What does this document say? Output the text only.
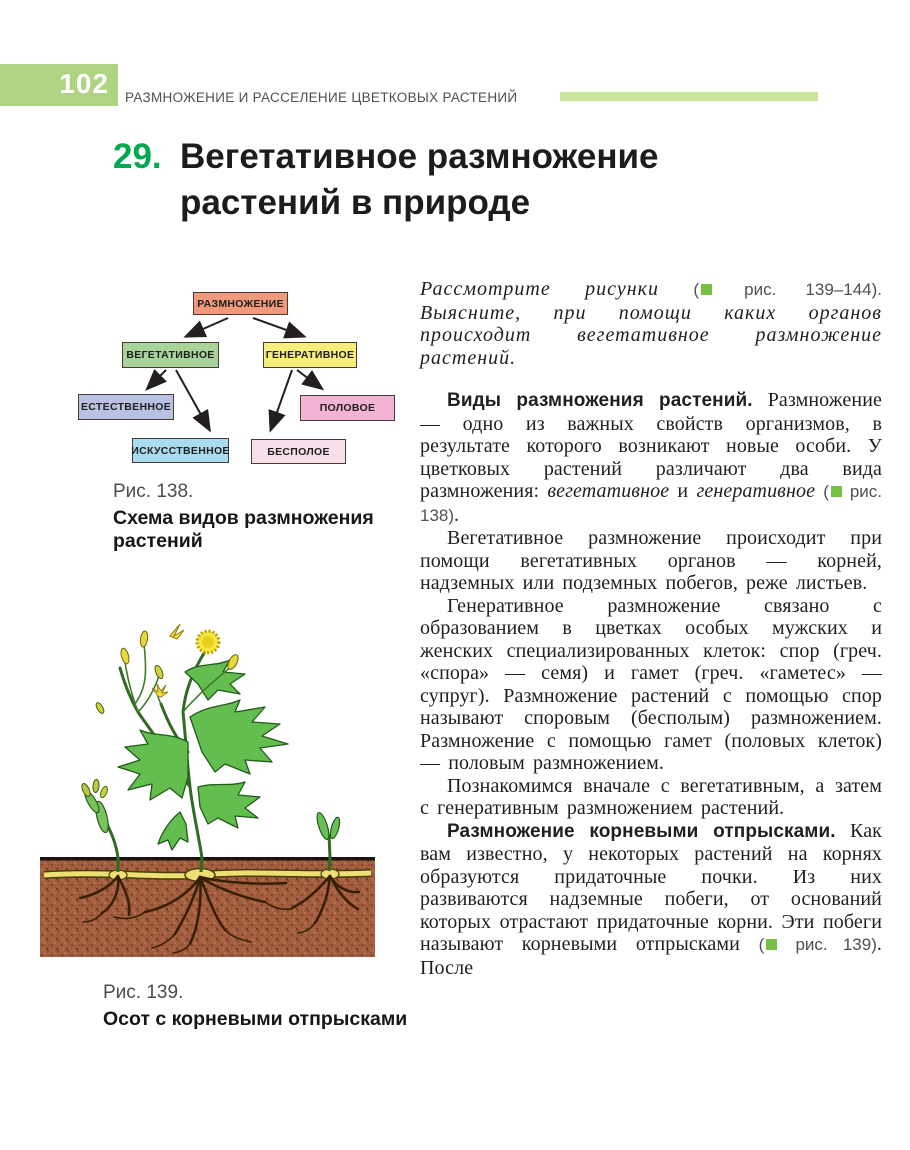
102 РАЗМНОЖЕНИЕ И РАССЕЛЕНИЕ ЦВЕТКОВЫХ РАСТЕНИЙ
29. Вегетативное размножение растений в природе
РАЗМНОЖЕНИЕ
ВЕГЕТАТИВНОЕ	ГЕНЕРАТИВНОЕ
ЕСТЕСТВЕННОЕ	ПОЛОВОЕ
ИСКУССТВЕННОЕ	БЕСПОЛОЕ
Рис. 138.
Схема видов размножения растений
Рис. 139.
Осот с корневыми отпрысками

Рассмотрите рисунки ( рис. 139–144). Выясните, при помощи каких органов происходит вегетативное размножение растений.

Виды размножения растений. Размножение — одно из важных свойств организмов, в результате которого возникают новые особи. У цветковых растений различают два вида размножения: вегетативное и генеративное ( рис. 138).

Вегетативное размножение происходит при помощи вегетативных органов — корней, надземных или подземных побегов, реже листьев.

Генеративное размножение связано с образованием в цветках особых мужских и женских специализированных клеток: спор (греч. «спора» — семя) и гамет (греч. «гаметес» — супруг). Размножение растений с помощью спор называют споровым (бесполым) размножением. Размножение с помощью гамет (половых клеток) — половым размножением.

Познакомимся вначале с вегетативным, а затем с генеративным размножением растений.

Размножение корневыми отпрысками. Как вам известно, у некоторых растений на корнях образуются придаточные почки. Из них развиваются надземные побеги, от оснований которых отрастают придаточные корни. Эти побеги называют корневыми отпрысками ( рис. 139). После
